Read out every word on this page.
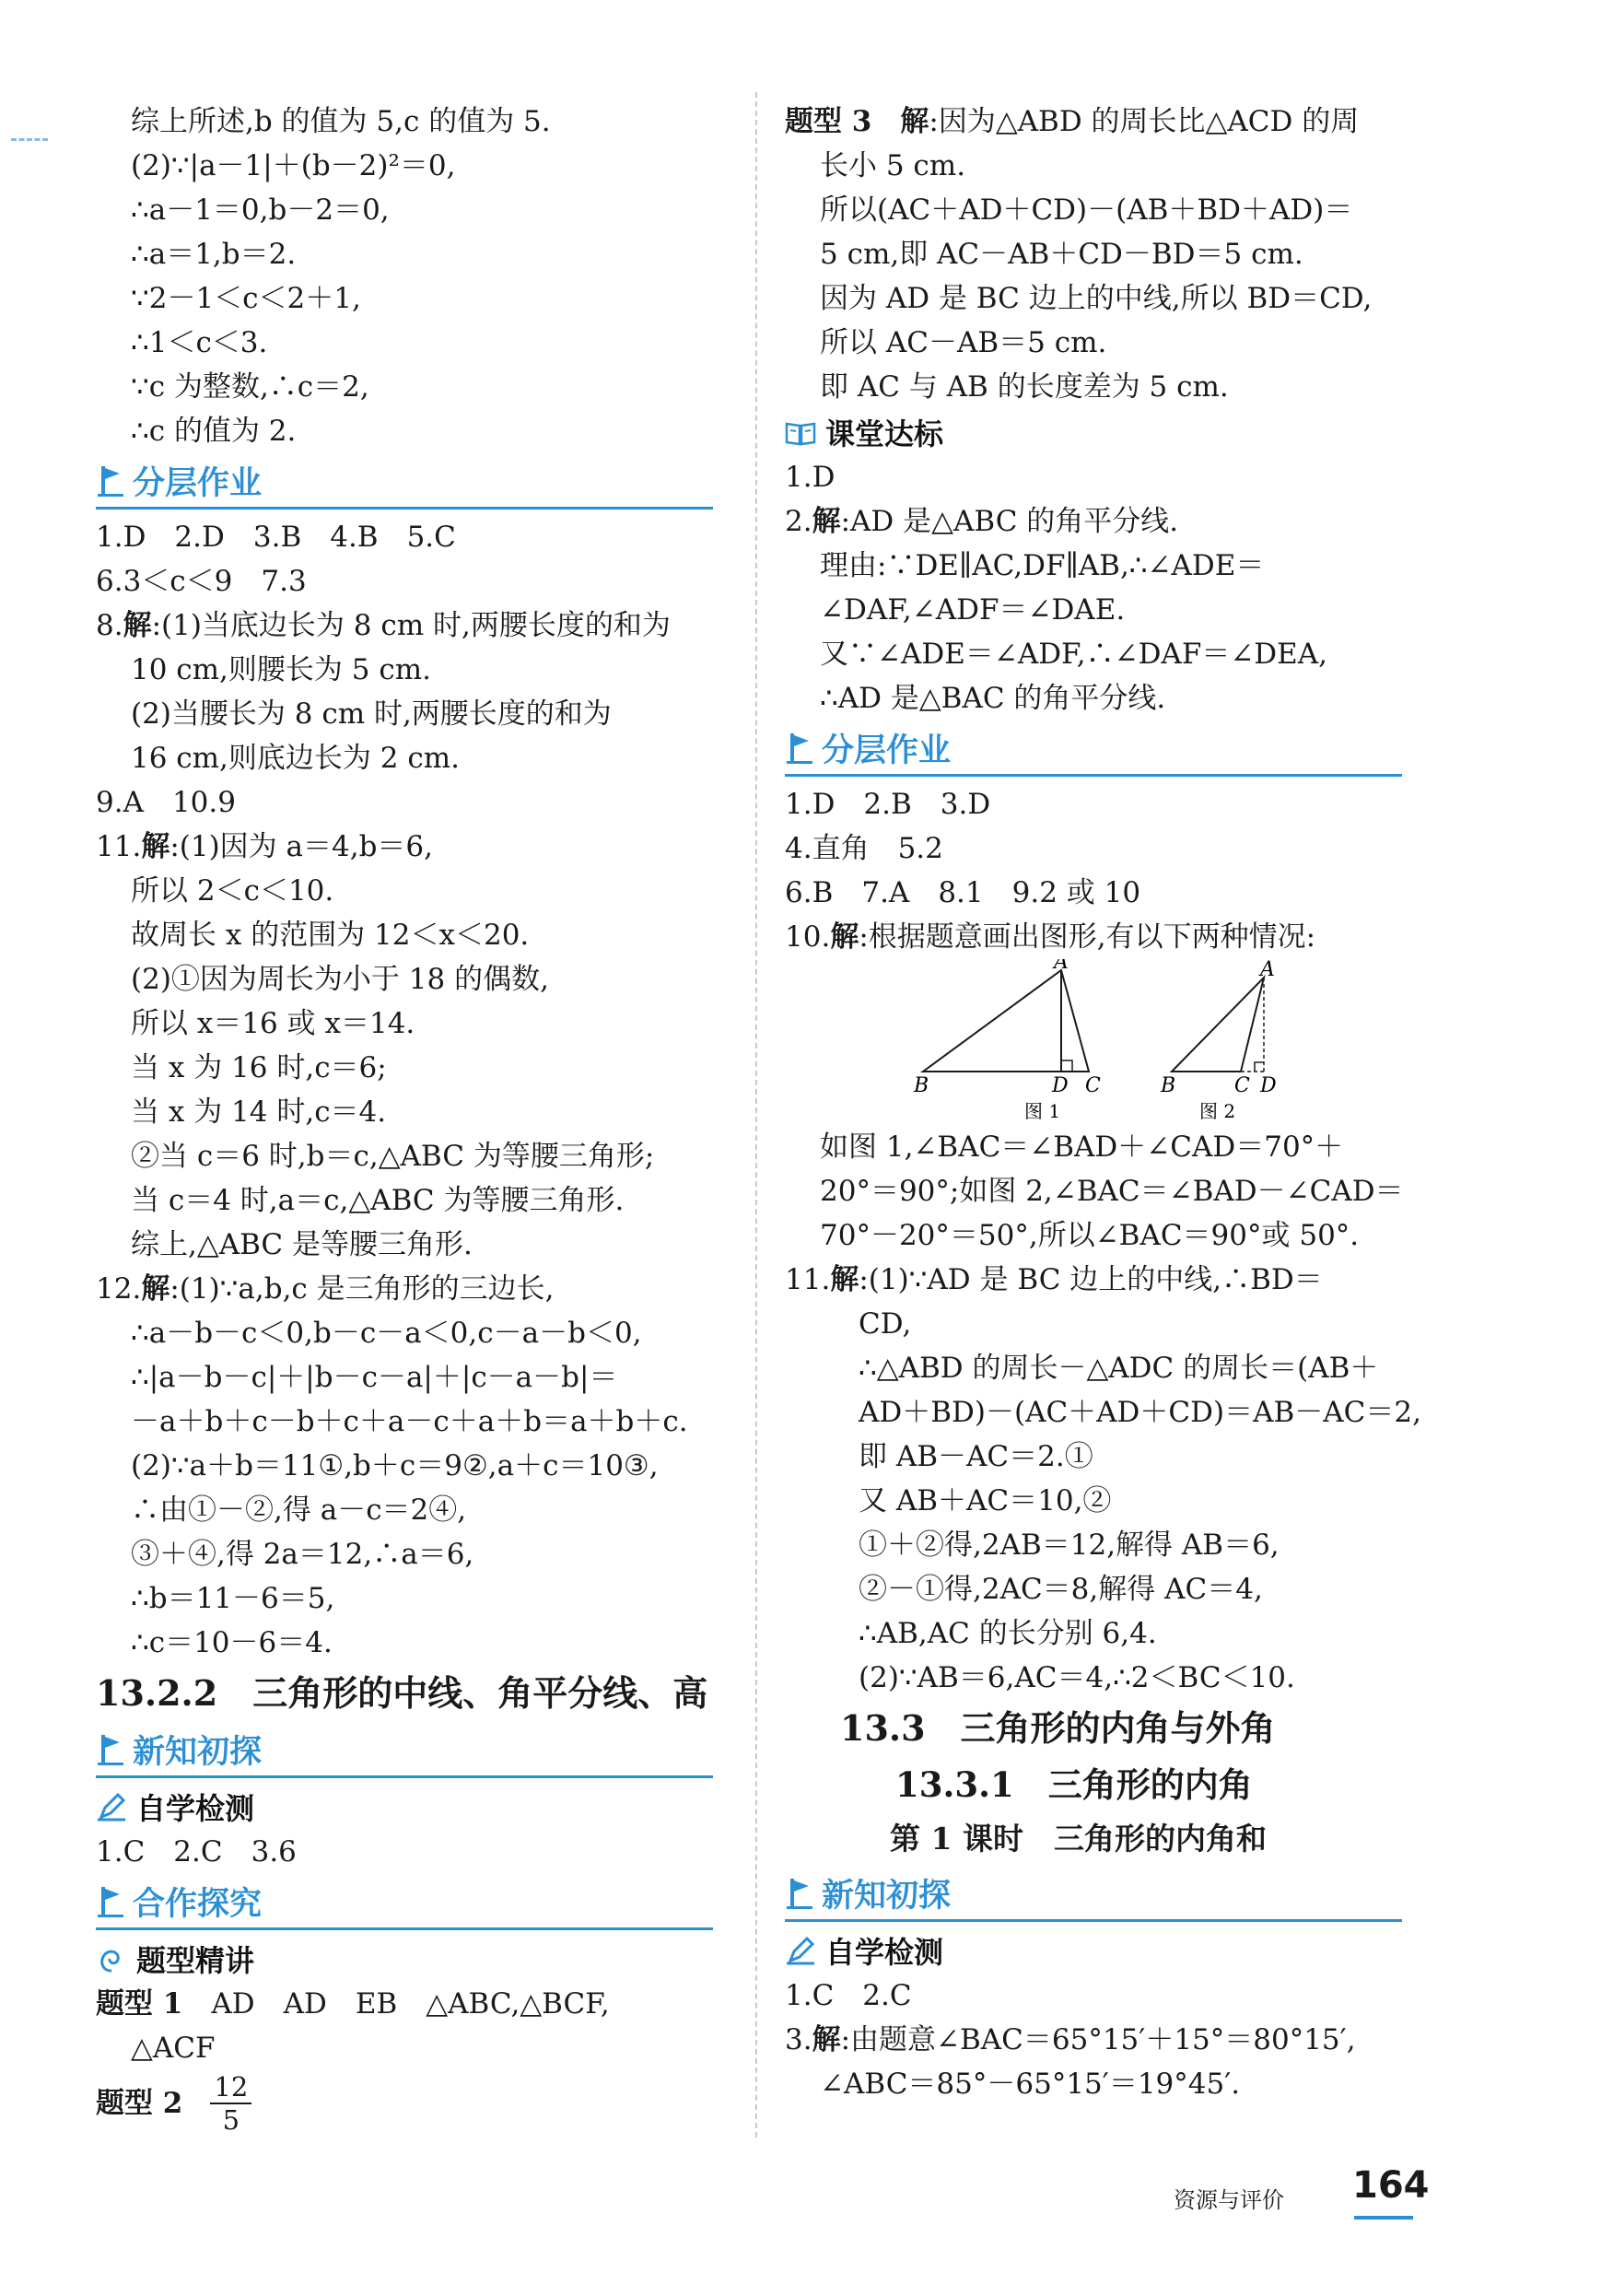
综上所述,b 的值为 5,c 的值为 5.
(2)∵|a－1|＋(b－2)²＝0,
∴a－1＝0,b－2＝0,
∴a＝1,b＝2.
∵2－1＜c＜2＋1,
∴1＜c＜3.
∵c 为整数,∴c＝2,
∴c 的值为 2.
分层作业
1.D　2.D　3.B　4.B　5.C
6.3＜c＜9　7.3
8.解:(1)当底边长为 8 cm 时,两腰长度的和为
10 cm,则腰长为 5 cm.
(2)当腰长为 8 cm 时,两腰长度的和为
16 cm,则底边长为 2 cm.
9.A　10.9
11.解:(1)因为 a＝4,b＝6,
所以 2＜c＜10.
故周长 x 的范围为 12＜x＜20.
(2)①因为周长为小于 18 的偶数,
所以 x＝16 或 x＝14.
当 x 为 16 时,c＝6;
当 x 为 14 时,c＝4.
②当 c＝6 时,b＝c,△ABC 为等腰三角形;
当 c＝4 时,a＝c,△ABC 为等腰三角形.
综上,△ABC 是等腰三角形.
12.解:(1)∵a,b,c 是三角形的三边长,
∴a－b－c＜0,b－c－a＜0,c－a－b＜0,
∴|a－b－c|＋|b－c－a|＋|c－a－b|＝
－a＋b＋c－b＋c＋a－c＋a＋b＝a＋b＋c.
(2)∵a＋b＝11①,b＋c＝9②,a＋c＝10③,
∴由①－②,得 a－c＝2④,
③＋④,得 2a＝12,∴a＝6,
∴b＝11－6＝5,
∴c＝10－6＝4.
13.2.2　三角形的中线、角平分线、高
新知初探
自学检测
1.C　2.C　3.6
合作探究
题型精讲
题型 1　AD　AD　EB　△ABC,△BCF,
△ACF
题型 $2 \frac{12}{5}$
题型 3　 解:因为△ABD 的周长比△ACD 的周
长小 5 cm.
所以(AC＋AD＋CD)－(AB＋BD＋AD)＝
5 cm,即 AC－AB＋CD－BD＝5 cm.
因为 AD 是 BC 边上的中线,所以 BD＝CD,
所以 AC－AB＝5 cm.
即 AC 与 AB 的长度差为 5 cm.
课堂达标
1.D
2.解:AD 是△ABC 的角平分线.
理由:∵DE∥AC,DF∥AB,∴∠ADE＝
∠DAF,∠ADF＝∠DAE.
又∵∠ADE＝∠ADF,∴∠DAF＝∠DEA,
∴AD 是△BAC 的角平分线.
分层作业
1.D　2.B　3.D
4.直角　5.2
6.B　7.A　8.1　9.2 或 10
10.解:根据题意画出图形,有以下两种情况:
A
B	D C
图 1
A
B	C D
图 2
如图 1,∠BAC＝∠BAD＋∠CAD＝70°＋
20°＝90°;如图 2,∠BAC＝∠BAD－∠CAD＝
70°－20°＝50°,所以∠BAC＝90°或 50°.
11.解:(1)∵AD 是 BC 边上的中线,∴BD＝
CD,
∴△ABD 的周长－△ADC 的周长＝(AB＋
AD＋BD)－(AC＋AD＋CD)＝AB－AC＝2,
即 AB－AC＝2.①
又 AB＋AC＝10,②
①＋②得,2AB＝12,解得 AB＝6,
②－①得,2AC＝8,解得 AC＝4,
∴AB,AC 的长分别 6,4.
(2)∵AB＝6,AC＝4,∴2＜BC＜10.
13.3　三角形的内角与外角
13.3.1　三角形的内角
第 1 课时　三角形的内角和
新知初探
自学检测
1.C　2.C
3.解:由题意∠BAC＝65°15′＋15°＝80°15′,
∠ABC＝85°－65°15′＝19°45′.
资源与评价 164
